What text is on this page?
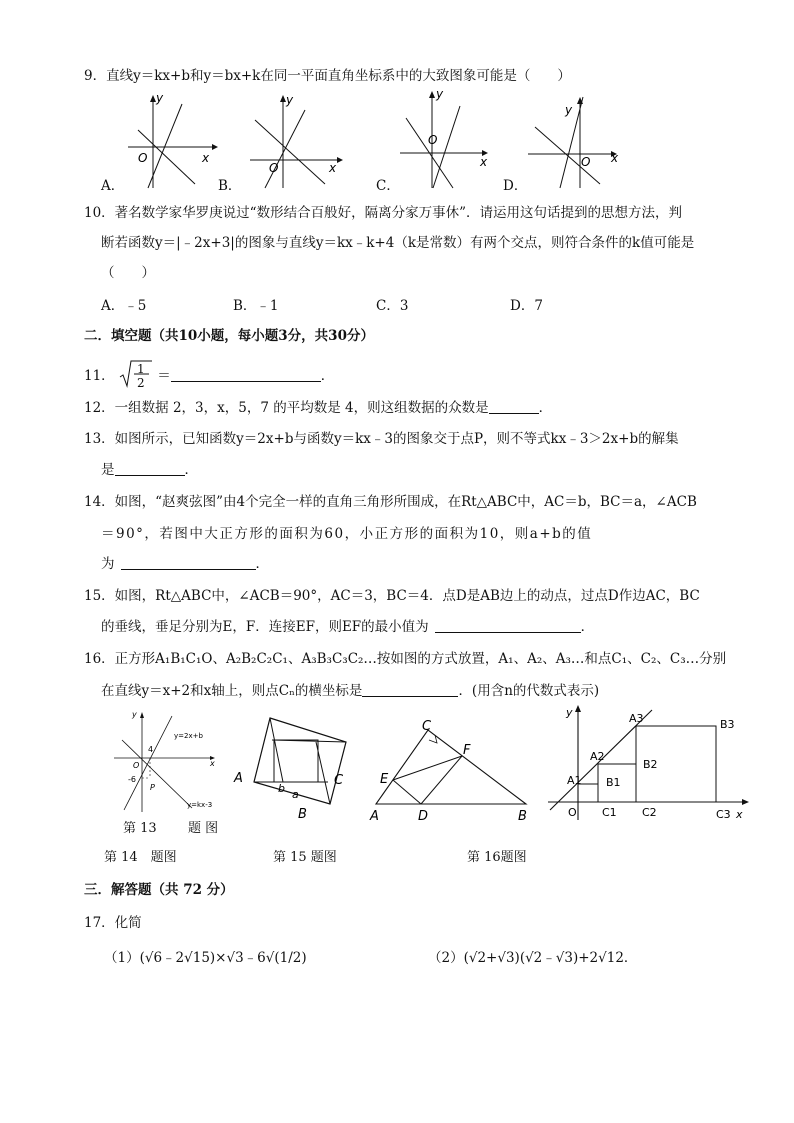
9．直线y＝kx+b和y＝bx+k在同一平面直角坐标系中的大致图象可能是（　　）
y
x
O
A．
y
x
O
B．
y
x
O
C．
y
x
O
D．
10．著名数学家华罗庚说过“数形结合百般好，隔离分家万事休”．请运用这句话提到的思想方法，判
断若函数y＝|﹣2x+3|的图象与直线y＝kx﹣k+4（k是常数）有两个交点，则符合条件的k值可能是
（　　）
A．﹣5	B．﹣1	C．3	D．7
二．填空题（共10小题，每小题3分，共30分）
11． 1
2 ＝	．
12．一组数据 2，3，x，5，7 的平均数是 4，则这组数据的众数是	．
13．如图所示，已知函数y＝2x+b与函数y＝kx﹣3的图象交于点P，则不等式kx﹣3＞2x+b的解集
是	．
14．如图，“赵爽弦图”由4个完全一样的直角三角形所围成，在Rt△ABC中，AC＝b，BC＝a，∠ACB
＝90°，若图中大正方形的面积为60，小正方形的面积为10，则a+b的值
为	．
15．如图，Rt△ABC中，∠ACB＝90°，AC＝3，BC＝4．点D是AB边上的动点，过点D作边AC，BC
的垂线，垂足分别为E，F．连接EF，则EF的最小值为	．
16．正方形A₁B₁C₁O、A₂B₂C₂C₁、A₃B₃C₃C₂…按如图的方式放置，A₁、A₂、A₃…和点C₁、C₂、C₃…分别
在直线y＝x+2和x轴上，则点Cₙ的横坐标是	．(用含n的代数式表示)
y
x
y=2x+b
y=kx-3
4
-6
P
O
第 13 题 图
A
B
C
a
b
A	B
C
D
E
F
A1
A2
A3
B1
B2
B3
C1 C2	C3
O	x
y
第 14　题图	第 15 题图	第 16题图
三．解答题（共 72 分）
17．化简
（1）(√6﹣2√15)×√3﹣6√(1/2)	（2）(√2+√3)(√2﹣√3)+2√12．
